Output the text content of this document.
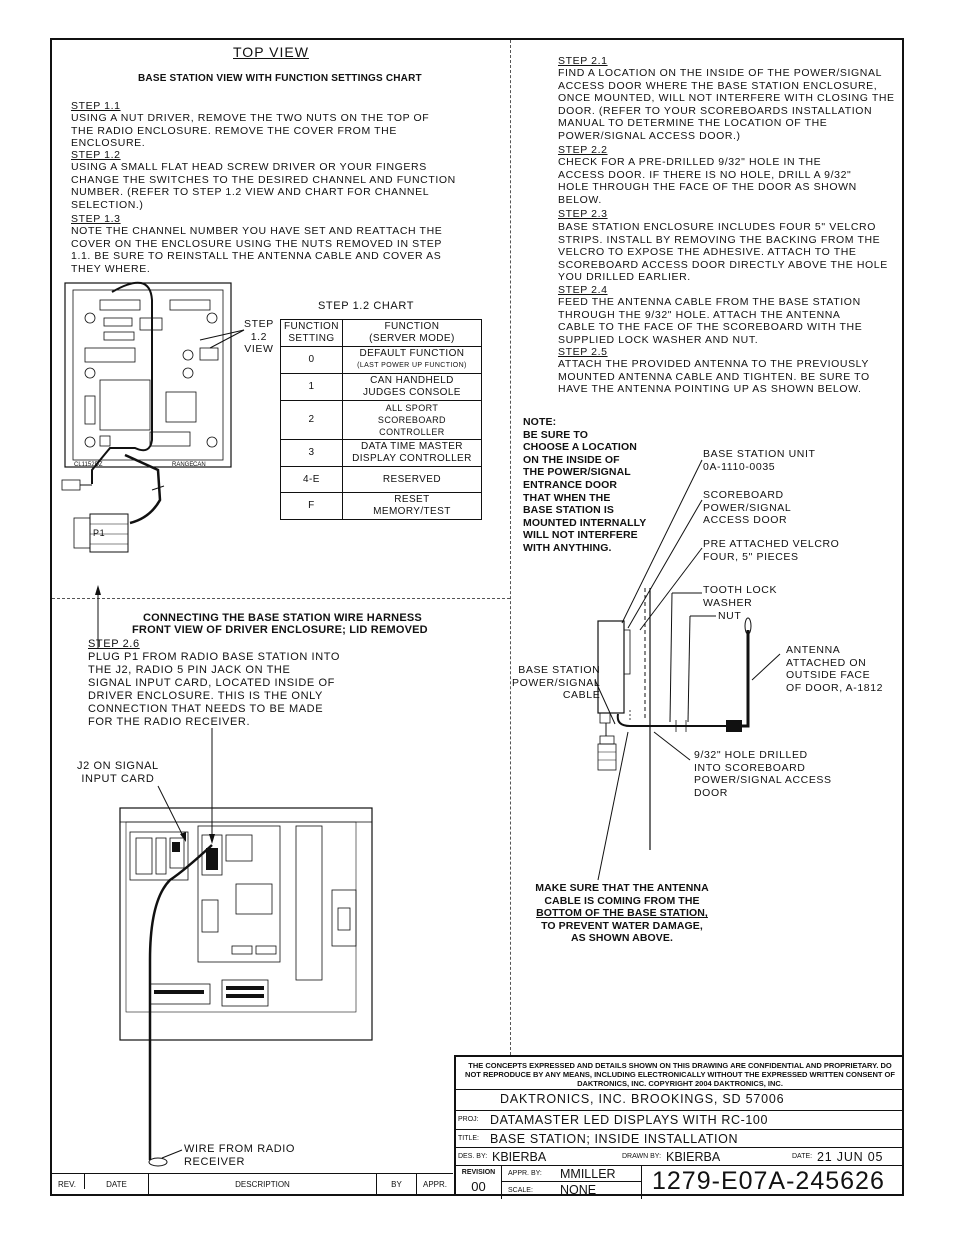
TOP VIEW
BASE STATION VIEW WITH FUNCTION SETTINGS CHART
STEP 1.1
USING A NUT DRIVER, REMOVE THE TWO NUTS ON THE TOP OF
THE RADIO ENCLOSURE. REMOVE THE COVER FROM THE
ENCLOSURE.
STEP 1.2
USING A SMALL FLAT HEAD SCREW DRIVER OR YOUR FINGERS
CHANGE THE SWITCHES TO THE DESIRED CHANNEL AND FUNCTION
NUMBER. (REFER TO STEP 1.2 VIEW AND CHART FOR CHANNEL
SELECTION.)
STEP 1.3
NOTE THE CHANNEL NUMBER YOU HAVE SET AND REATTACH THE
COVER ON THE ENCLOSURE USING THE NUTS REMOVED IN STEP
1.1. BE SURE TO REINSTALL THE ANTENNA CABLE AND COVER AS
THEY WHERE.
P1
CL1152DZ	RANGE CAN
STEP
1.2
VIEW
STEP 1.2 CHART
FUNCTION
SETTING	FUNCTION
(SERVER MODE)
0	DEFAULT FUNCTION
(LAST POWER UP FUNCTION)

1	CAN HANDHELD
JUDGES CONSOLE
2	ALL SPORT
SCOREBOARD CONTROLLER
3	DATA TIME MASTER
DISPLAY CONTROLLER
4-E	RESERVED
F	RESET
MEMORY/TEST
CONNECTING THE BASE STATION WIRE HARNESS
FRONT VIEW OF DRIVER ENCLOSURE; LID REMOVED
STEP 2.6
PLUG P1 FROM RADIO BASE STATION INTO
THE J2, RADIO 5 PIN JACK ON THE
SIGNAL INPUT CARD, LOCATED INSIDE OF
DRIVER ENCLOSURE. THIS IS THE ONLY
CONNECTION THAT NEEDS TO BE MADE
FOR THE RADIO RECEIVER.
J2 ON SIGNAL
INPUT CARD
WIRE FROM RADIO
RECEIVER
STEP 2.1
FIND A LOCATION ON THE INSIDE OF THE POWER/SIGNAL
ACCESS DOOR WHERE THE BASE STATION ENCLOSURE,
ONCE MOUNTED, WILL NOT INTERFERE WITH CLOSING THE
DOOR. (REFER TO YOUR SCOREBOARDS INSTALLATION
MANUAL TO DETERMINE THE LOCATION OF THE
POWER/SIGNAL ACCESS DOOR.)
STEP 2.2
CHECK FOR A PRE-DRILLED 9/32" HOLE IN THE
ACCESS DOOR. IF THERE IS NO HOLE, DRILL A 9/32"
HOLE THROUGH THE FACE OF THE DOOR AS SHOWN
BELOW.
STEP 2.3
BASE STATION ENCLOSURE INCLUDES FOUR 5" VELCRO
STRIPS. INSTALL BY REMOVING THE BACKING FROM THE
VELCRO TO EXPOSE THE ADHESIVE. ATTACH TO THE
SCOREBOARD ACCESS DOOR DIRECTLY ABOVE THE HOLE
YOU DRILLED EARLIER.
STEP 2.4
FEED THE ANTENNA CABLE FROM THE BASE STATION
THROUGH THE 9/32" HOLE. ATTACH THE ANTENNA
CABLE TO THE FACE OF THE SCOREBOARD WITH THE
SUPPLIED LOCK WASHER AND NUT.
STEP 2.5
ATTACH THE PROVIDED ANTENNA TO THE PREVIOUSLY
MOUNTED ANTENNA CABLE AND TIGHTEN. BE SURE TO
HAVE THE ANTENNA POINTING UP AS SHOWN BELOW.
NOTE:
BE SURE TO
CHOOSE A LOCATION
ON THE INSIDE OF
THE POWER/SIGNAL
ENTRANCE DOOR
THAT WHEN THE
BASE STATION IS
MOUNTED INTERNALLY
WILL NOT INTERFERE
WITH ANYTHING.
BASE STATION UNIT
0A-1110-0035
SCOREBOARD
POWER/SIGNAL
ACCESS DOOR
PRE ATTACHED VELCRO
FOUR, 5" PIECES
TOOTH LOCK
WASHER
NUT
ANTENNA
ATTACHED ON
OUTSIDE FACE
OF DOOR, A-1812
BASE STATION
POWER/SIGNAL
CABLE
9/32" HOLE DRILLED
INTO SCOREBOARD
POWER/SIGNAL ACCESS
DOOR
MAKE SURE THAT THE ANTENNA
CABLE IS COMING FROM THE
BOTTOM OF THE BASE STATION,
TO PREVENT WATER DAMAGE,
AS SHOWN ABOVE.
REV.	DATE	DESCRIPTION	BY	APPR.
THE CONCEPTS EXPRESSED AND DETAILS SHOWN ON THIS DRAWING ARE CONFIDENTIAL AND PROPRIETARY. DO NOT REPRODUCE BY ANY MEANS, INCLUDING ELECTRONICALLY WITHOUT THE EXPRESSED WRITTEN CONSENT OF DAKTRONICS, INC. COPYRIGHT 2004 DAKTRONICS, INC.
DAKTRONICS, INC. BROOKINGS, SD 57006
PROJ: DATAMASTER LED DISPLAYS WITH RC-100
TITLE: BASE STATION; INSIDE INSTALLATION
DES. BY: KBIERBA	DRAWN BY: KBIERBA	DATE: 21 JUN 05
REVISION
00
APPR. BY: MMILLER
SCALE: NONE 1279-E07A-245626
